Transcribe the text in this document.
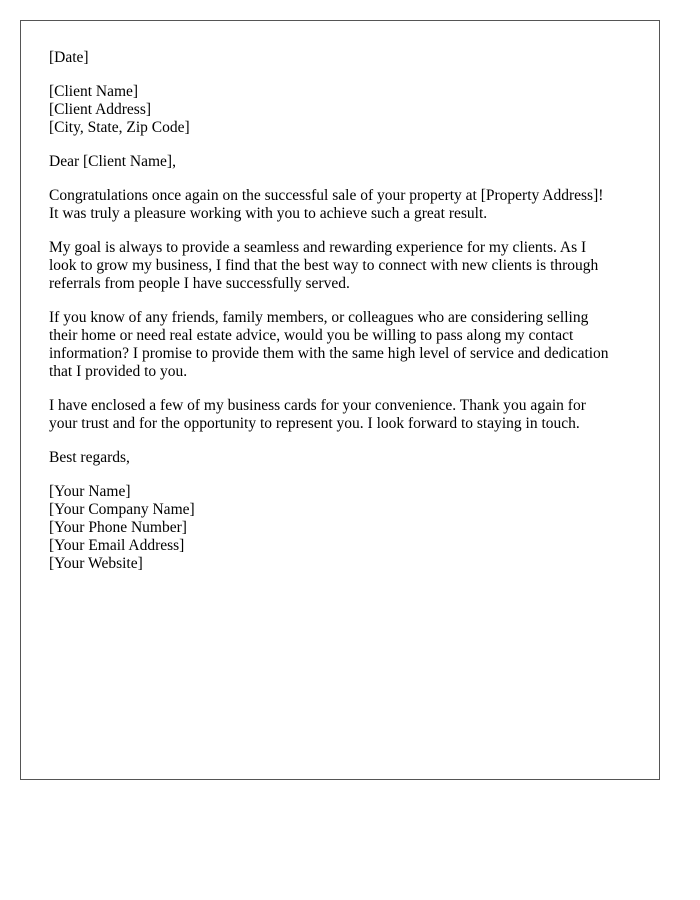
[Date]
[Client Name]
[Client Address]
[City, State, Zip Code]
Dear [Client Name],
Congratulations once again on the successful sale of your property at [Property Address]!
It was truly a pleasure working with you to achieve such a great result.
My goal is always to provide a seamless and rewarding experience for my clients. As I
look to grow my business, I find that the best way to connect with new clients is through
referrals from people I have successfully served.
If you know of any friends, family members, or colleagues who are considering selling
their home or need real estate advice, would you be willing to pass along my contact
information? I promise to provide them with the same high level of service and dedication
that I provided to you.
I have enclosed a few of my business cards for your convenience. Thank you again for
your trust and for the opportunity to represent you. I look forward to staying in touch.
Best regards,
[Your Name]
[Your Company Name]
[Your Phone Number]
[Your Email Address]
[Your Website]
